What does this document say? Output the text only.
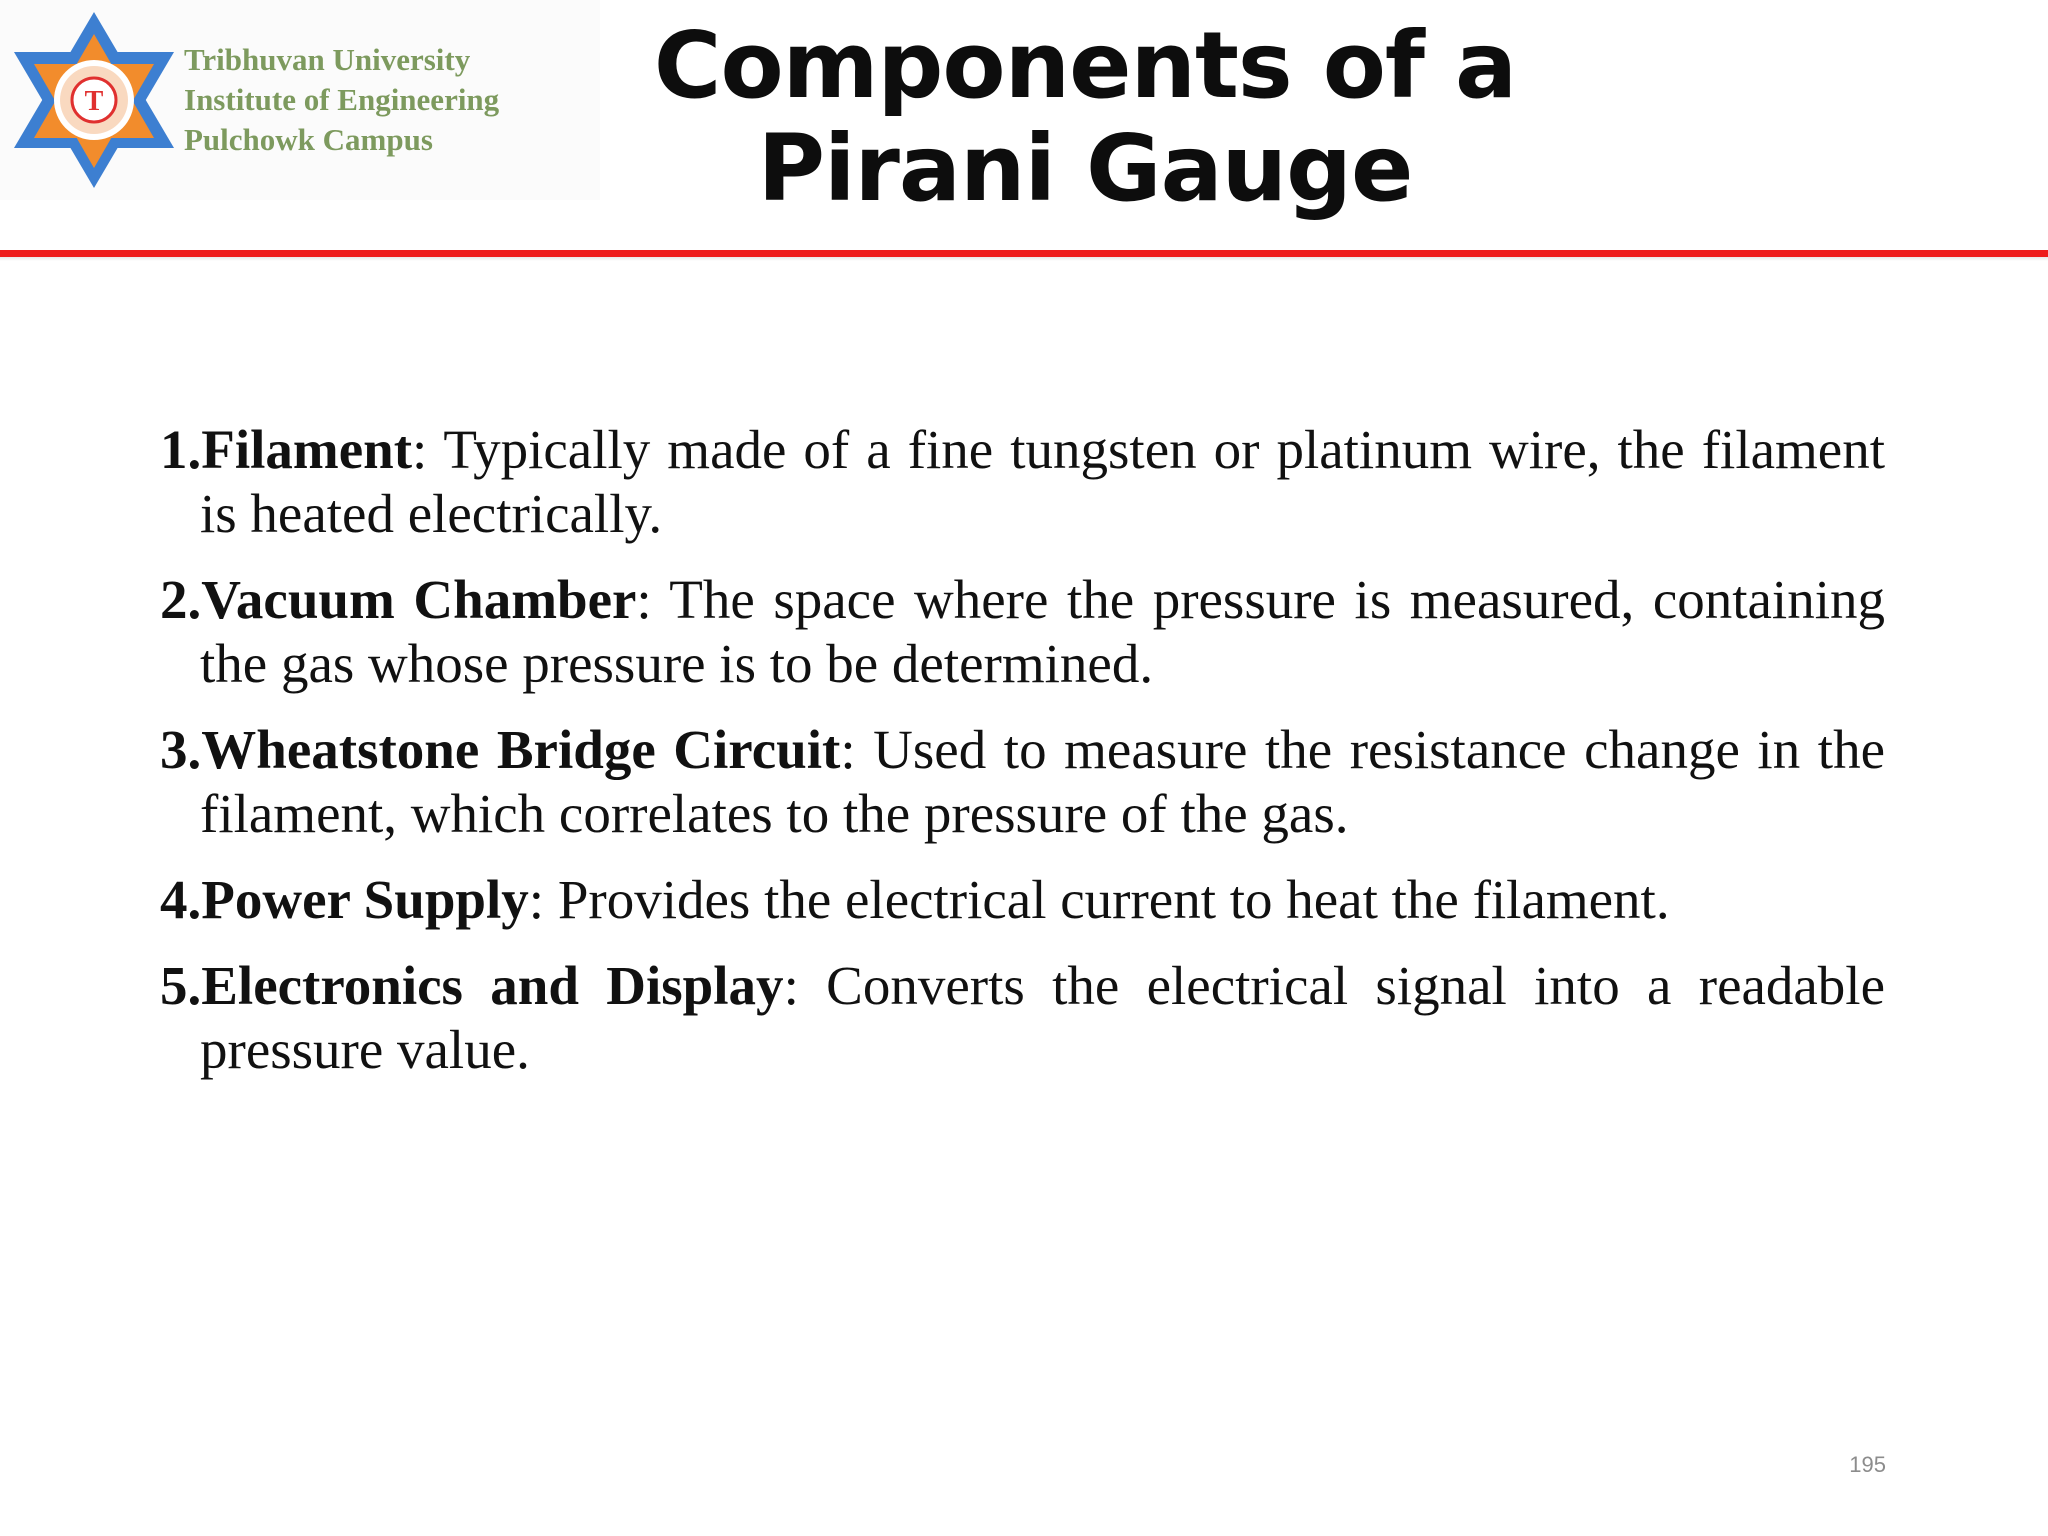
T
Tribhuvan University
Institute of Engineering
Pulchowk Campus
Components of a
Pirani Gauge
1.Filament: Typically made of a fine tungsten or platinum wire, the filament is heated electrically.
2.Vacuum Chamber: The space where the pressure is measured, containing the gas whose pressure is to be determined.
3.Wheatstone Bridge Circuit: Used to measure the resistance change in the filament, which correlates to the pressure of the gas.
4.Power Supply: Provides the electrical current to heat the filament.
5.Electronics and Display: Converts the electrical signal into a readable pressure value.
195
